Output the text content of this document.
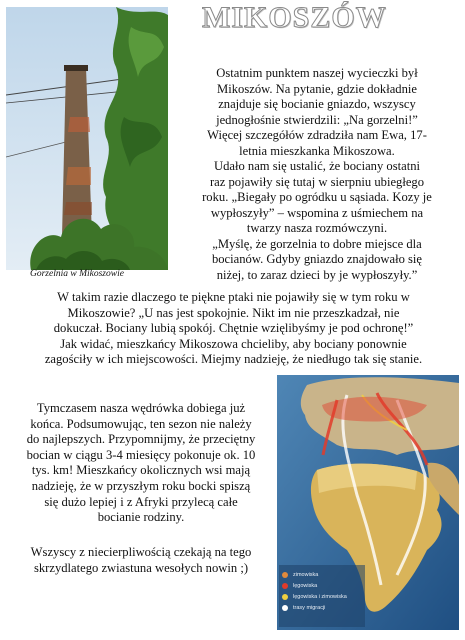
MIKOSZÓW
Gorzelnia w Mikoszowie

Ostatnim punktem naszej wycieczki był

Mikoszów. Na pytanie, gdzie dokładnie

znajduje się bocianie gniazdo, wszyscy

jednogłośnie stwierdzili: „Na gorzelni!”

Więcej szczegółów zdradziła nam Ewa, 17-

letnia mieszkanka Mikoszowa.

Udało nam się ustalić, że bociany ostatni

raz pojawiły się tutaj w sierpniu ubiegłego

roku. „Biegały po ogródku u sąsiada. Kozy je

wypłoszyły” – wspomina z uśmiechem na

twarzy nasza rozmówczyni.

„Myślę, że gorzelnia to dobre miejsce dla

bocianów. Gdyby gniazdo znajdowało się

niżej, to zaraz dzieci by je wypłoszyły.”

W takim razie dlaczego te piękne ptaki nie pojawiły się w tym roku w

Mikoszowie? „U nas jest spokojnie. Nikt im nie przeszkadzał, nie

dokuczał. Bociany lubią spokój. Chętnie wzięlibyśmy je pod ochronę!”

Jak widać, mieszkańcy Mikoszowa chcieliby, aby bociany ponownie

zagościły w ich miejscowości. Miejmy nadzieję, że niedługo tak się stanie.

Tymczasem nasza wędrówka dobiega już

końca. Podsumowując, ten sezon nie należy

do najlepszych. Przypomnijmy, że przeciętny

bocian w ciągu 3-4 miesięcy pokonuje ok. 10

tys. km! Mieszkańcy okolicznych wsi mają

nadzieję, że w przyszłym roku bocki spiszą

się dużo lepiej i z Afryki przylecą całe

bocianie rodziny.

Wszyscy z niecierpliwością czekają na tego

skrzydlatego zwiastuna wesołych nowin ;)	zimowiska
lęgowiska
lęgowiska i zimowiska
trasy migracji
